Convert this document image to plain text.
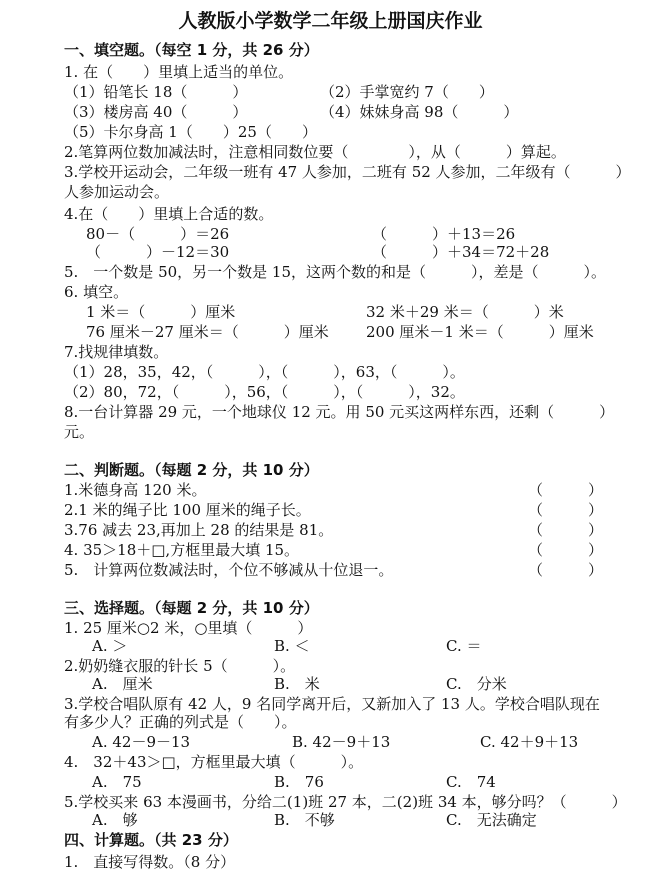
人教版小学数学二年级上册国庆作业
一、填空题。（每空 1 分，共 26 分）
1. 在（　　）里填上适当的单位。
（1）铅笔长 18（　　　）	（2）手掌宽约 7（　　）
（3）楼房高 40（　　　）	（4）妹妹身高 98（　　　）
（5）卡尔身高 1（　　）25（　　）
2.笔算两位数加减法时，注意相同数位要（　　　　），从（　　　）算起。
3.学校开运动会，二年级一班有 47 人参加，二班有 52 人参加，二年级有（　　　）
人参加运动会。
4.在（　　）里填上合适的数。
80－（　　　）＝26	（　　　）＋13＝26
（　　　）－12＝30	（　　　）＋34＝72＋28
5.　一个数是 50，另一个数是 15，这两个数的和是（　　　），差是（　　　）。
6. 填空。
1 米＝（　　　）厘米	32 米＋29 米＝（　　　）米
76 厘米－27 厘米＝（　　　）厘米 200 厘米－1 米＝（　　　）厘米
7.找规律填数。
（1）28，35，42，（　　　），（　　　），63，（　　　）。
（2）80，72，（　　　），56，（　　　），（　　　），32。
8.一台计算器 29 元，一个地球仪 12 元。用 50 元买这两样东西，还剩（　　　）
元。
二、判断题。（每题 2 分，共 10 分）
1.米德身高 120 米。	（　　　）
2.1 米的绳子比 100 厘米的绳子长。	（　　　）
3.76 减去 23,再加上 28 的结果是 81。	（　　　）
4. 35＞18＋□,方框里最大填 15。	（　　　）
5.　计算两位数减法时，个位不够减从十位退一。	（　　　）
三、选择题。（每题 2 分，共 10 分）
1. 25 厘米○2 米，○里填（　　　）
A. ＞	B. ＜	C. ＝
2.奶奶缝衣服的针长 5（　　　）。
A.　厘米	B.　米	C.　分米
3.学校合唱队原有 42 人，9 名同学离开后，又新加入了 13 人。学校合唱队现在
有多少人？正确的列式是（　　）。
A. 42－9－13	B. 42－9＋13	C. 42＋9＋13
4.　32＋43＞□，方框里最大填（　　　）。
A.　75	B.　76	C.　74
5.学校买来 63 本漫画书，分给二(1)班 27 本，二(2)班 34 本，够分吗？（　　　）
A.　够	B.　不够	C.　无法确定
四、计算题。（共 23 分）
1.　直接写得数。（8 分）
